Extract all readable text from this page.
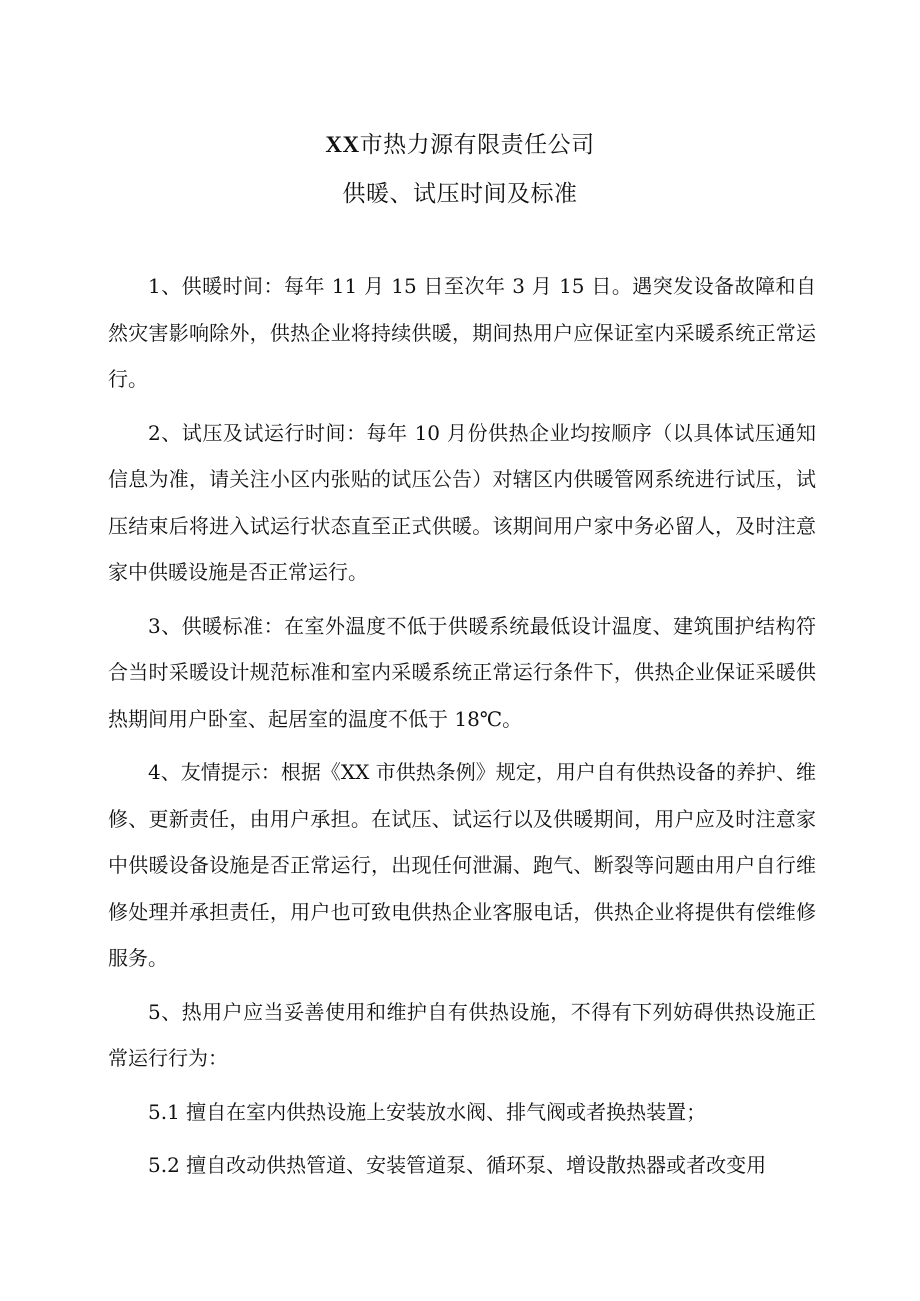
XX市热力源有限责任公司
供暖、试压时间及标准

1、供暖时间：每年 11 月 15 日至次年 3 月 15 日。遇突发设备故障和自然灾害影响除外，供热企业将持续供暖，期间热用户应保证室内采暖系统正常运行。

2、试压及试运行时间：每年 10 月份供热企业均按顺序（以具体试压通知信息为准，请关注小区内张贴的试压公告）对辖区内供暖管网系统进行试压，试压结束后将进入试运行状态直至正式供暖。该期间用户家中务必留人，及时注意家中供暖设施是否正常运行。

3、供暖标准：在室外温度不低于供暖系统最低设计温度、建筑围护结构符合当时采暖设计规范标准和室内采暖系统正常运行条件下，供热企业保证采暖供热期间用户卧室、起居室的温度不低于 18℃。

4、友情提示：根据《XX 市供热条例》规定，用户自有供热设备的养护、维修、更新责任，由用户承担。在试压、试运行以及供暖期间，用户应及时注意家中供暖设备设施是否正常运行，出现任何泄漏、跑气、断裂等问题由用户自行维修处理并承担责任，用户也可致电供热企业客服电话，供热企业将提供有偿维修服务。

5、热用户应当妥善使用和维护自有供热设施，不得有下列妨碍供热设施正常运行行为：

5.1 擅自在室内供热设施上安装放水阀、排气阀或者换热装置；

5.2 擅自改动供热管道、安装管道泵、循环泵、增设散热器或者改变用
